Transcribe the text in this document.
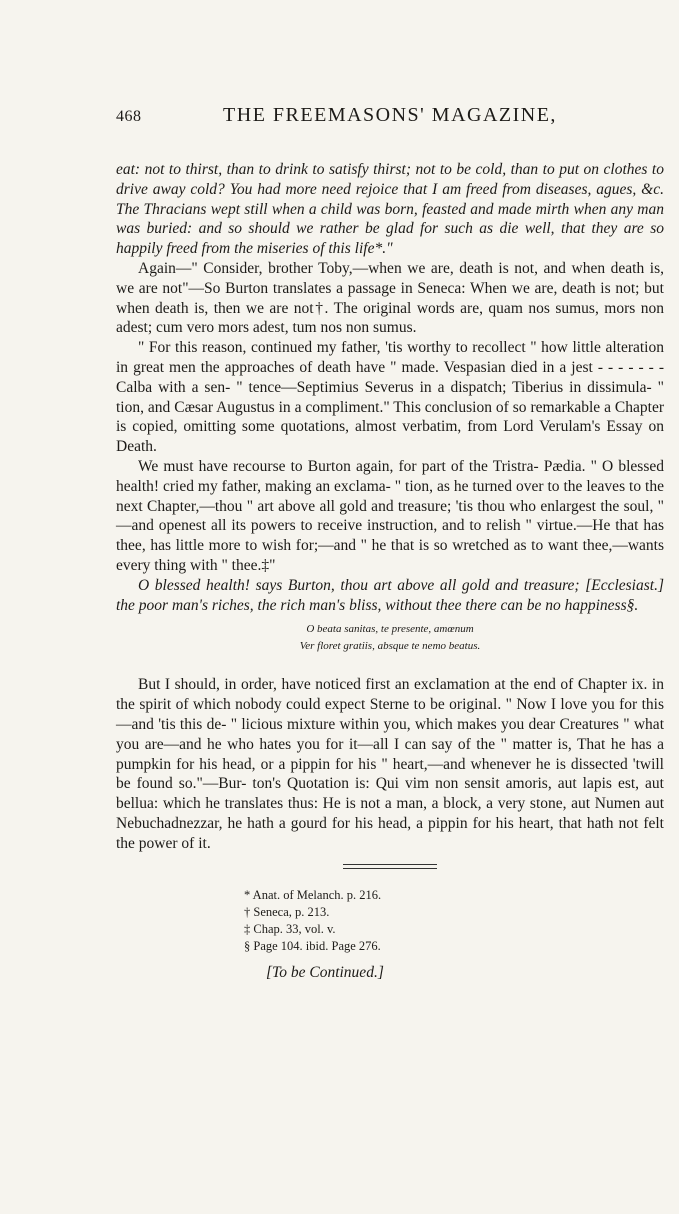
468	THE FREEMASONS' MAGAZINE,

eat: not to thirst, than to drink to satisfy thirst; not to be cold, than to put on clothes to drive away cold? You had more need rejoice that I am freed from diseases, agues, &c. The Thracians wept still when a child was born, feasted and made mirth when any man was buried: and so should we rather be glad for such as die well, that they are so happily freed from the miseries of this life*."

Again—" Consider, brother Toby,—when we are, death is not, and when death is, we are not"—So Burton translates a passage in Seneca: When we are, death is not; but when death is, then we are not†. The original words are, quam nos sumus, mors non adest; cum vero mors adest, tum nos non sumus.

" For this reason, continued my father, 'tis worthy to recollect " how little alteration in great men the approaches of death have " made. Vespasian died in a jest - - - - - - - Calba with a sen- " tence—Septimius Severus in a dispatch; Tiberius in dissimula- " tion, and Cæsar Augustus in a compliment." This conclusion of so remarkable a Chapter is copied, omitting some quotations, almost verbatim, from Lord Verulam's Essay on Death.

We must have recourse to Burton again, for part of the Tristra- Pædia. " O blessed health! cried my father, making an exclama- " tion, as he turned over to the leaves to the next Chapter,—thou " art above all gold and treasure; 'tis thou who enlargest the soul, " —and openest all its powers to receive instruction, and to relish " virtue.—He that has thee, has little more to wish for;—and " he that is so wretched as to want thee,—wants every thing with " thee.‡"

O blessed health! says Burton, thou art above all gold and treasure; [Ecclesiast.] the poor man's riches, the rich man's bliss, without thee there can be no happiness§.

O beata sanitas, te presente, amœnum
Ver floret gratiis, absque te nemo beatus.

But I should, in order, have noticed first an exclamation at the end of Chapter ix. in the spirit of which nobody could expect Sterne to be original. " Now I love you for this—and 'tis this de- " licious mixture within you, which makes you dear Creatures " what you are—and he who hates you for it—all I can say of the " matter is, That he has a pumpkin for his head, or a pippin for his " heart,—and whenever he is dissected 'twill be found so."—Bur- ton's Quotation is: Qui vim non sensit amoris, aut lapis est, aut bellua: which he translates thus: He is not a man, a block, a very stone, aut Numen aut Nebuchadnezzar, he hath a gourd for his head, a pippin for his heart, that hath not felt the power of it.

* Anat. of Melanch. p. 216.
† Seneca, p. 213.
‡ Chap. 33, vol. v.
§ Page 104. ibid. Page 276.
[To be Continued.]
